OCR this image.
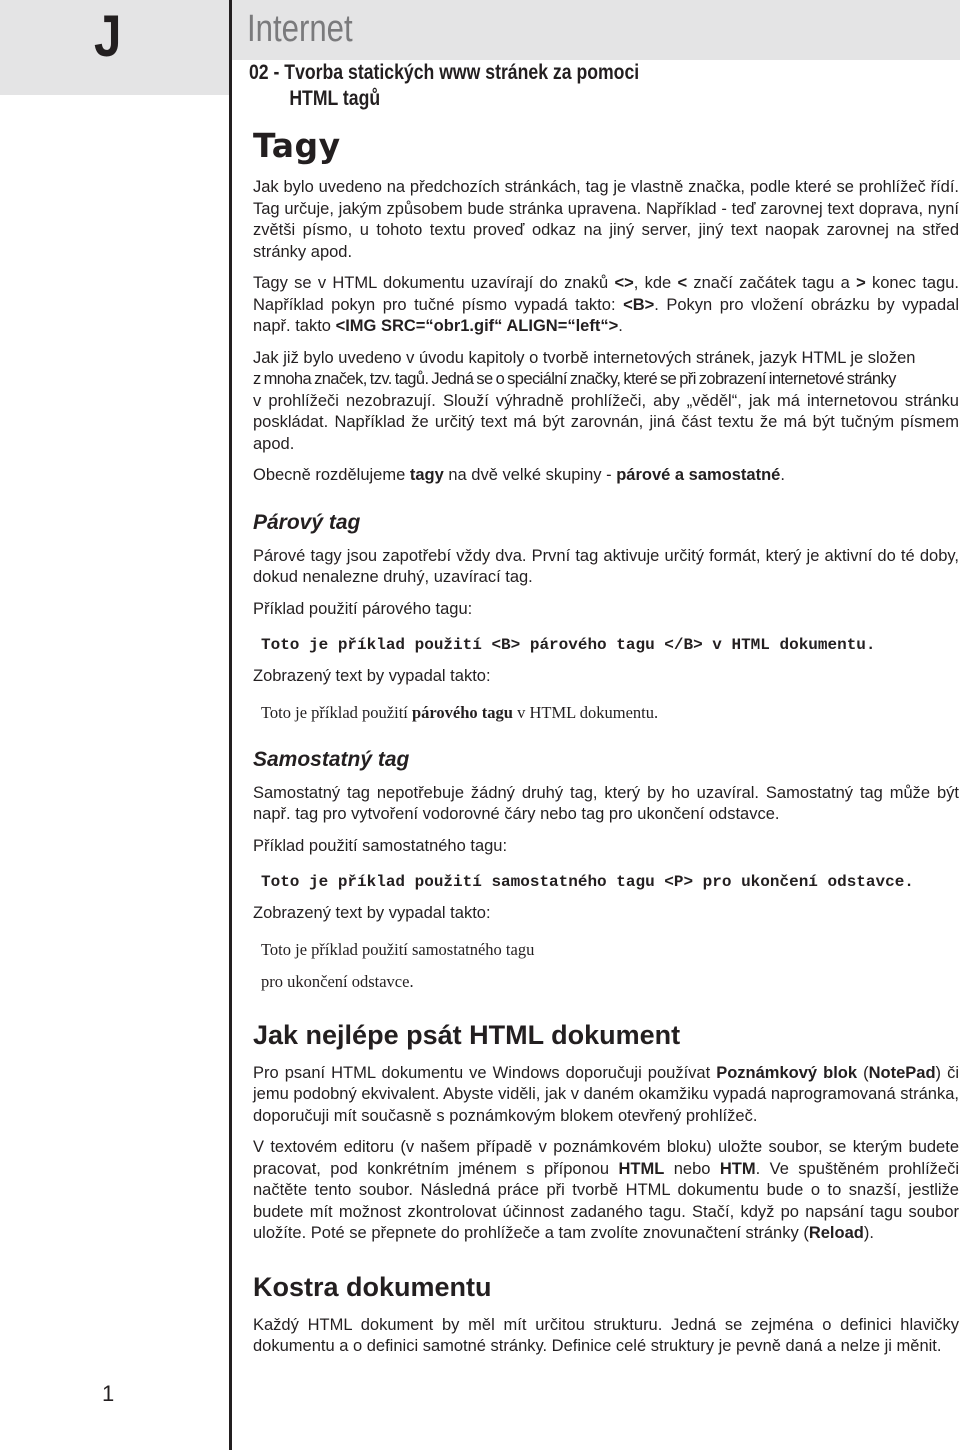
J
1
Internet
02 - Tvorba statických www stránek za pomoci
HTML tagů
Tagy

Jak bylo uvedeno na předchozích stránkách, tag je vlastně značka, podle které se prohlížeč řídí. Tag určuje, jakým způsobem bude stránka upravena. Například - teď zarovnej text doprava, nyní zvětši písmo, u tohoto textu proveď odkaz na jiný server, jiný text naopak zarovnej na střed stránky apod.

Tagy se v HTML dokumentu uzavírají do znaků <>, kde < značí začátek tagu a > konec tagu. Například pokyn pro tučné písmo vypadá takto: <B>. Pokyn pro vložení obrázku by vypadal např. takto <IMG SRC=“obr1.gif“ ALIGN=“left“>.

Jak již bylo uvedeno v úvodu kapitoly o tvorbě internetových stránek, jazyk HTML je složen
z mnoha značek, tzv. tagů. Jedná se o speciální značky, které se při zobrazení internetové stránky
v prohlížeči nezobrazují. Slouží výhradně prohlížeči, aby „věděl“, jak má internetovou stránku poskládat. Například že určitý text má být zarovnán, jiná část textu že má být tučným písmem apod.

Obecně rozdělujeme tagy na dvě velké skupiny - párové a samostatné.

Párový tag

Párové tagy jsou zapotřebí vždy dva. První tag aktivuje určitý formát, který je aktivní do té doby, dokud nenalezne druhý, uzavírací tag.

Příklad použití párového tagu:

Toto je příklad použití <B> párového tagu </B> v HTML dokumentu.

Zobrazený text by vypadal takto:

Toto je příklad použití párového tagu v HTML dokumentu.
Samostatný tag

Samostatný tag nepotřebuje žádný druhý tag, který by ho uzavíral. Samostatný tag může být např. tag pro vytvoření vodorovné čáry nebo tag pro ukončení odstavce.

Příklad použití samostatného tagu:

Toto je příklad použití samostatného tagu <P> pro ukončení odstavce.

Zobrazený text by vypadal takto:

Toto je příklad použití samostatného tagu
pro ukončení odstavce.
Jak nejlépe psát HTML dokument

Pro psaní HTML dokumentu ve Windows doporučuji používat Poznámkový blok (NotePad) či jemu podobný ekvivalent. Abyste viděli, jak v daném okamžiku vypadá naprogramovaná stránka, doporučuji mít současně s poznámkovým blokem otevřený prohlížeč.

V textovém editoru (v našem případě v poznámkovém bloku) uložte soubor, se kterým budete pracovat, pod konkrétním jménem s příponou HTML nebo HTM. Ve spuštěném prohlížeči načtěte tento soubor. Následná práce při tvorbě HTML dokumentu bude o to snazší, jestliže budete mít možnost zkontrolovat účinnost zadaného tagu. Stačí, když po napsání tagu soubor uložíte. Poté se přepnete do prohlížeče a tam zvolíte znovunačtení stránky (Reload).

Kostra dokumentu

Každý HTML dokument by měl mít určitou strukturu. Jedná se zejména o definici hlavičky dokumentu a o definici samotné stránky. Definice celé struktury je pevně daná a nelze ji měnit.
